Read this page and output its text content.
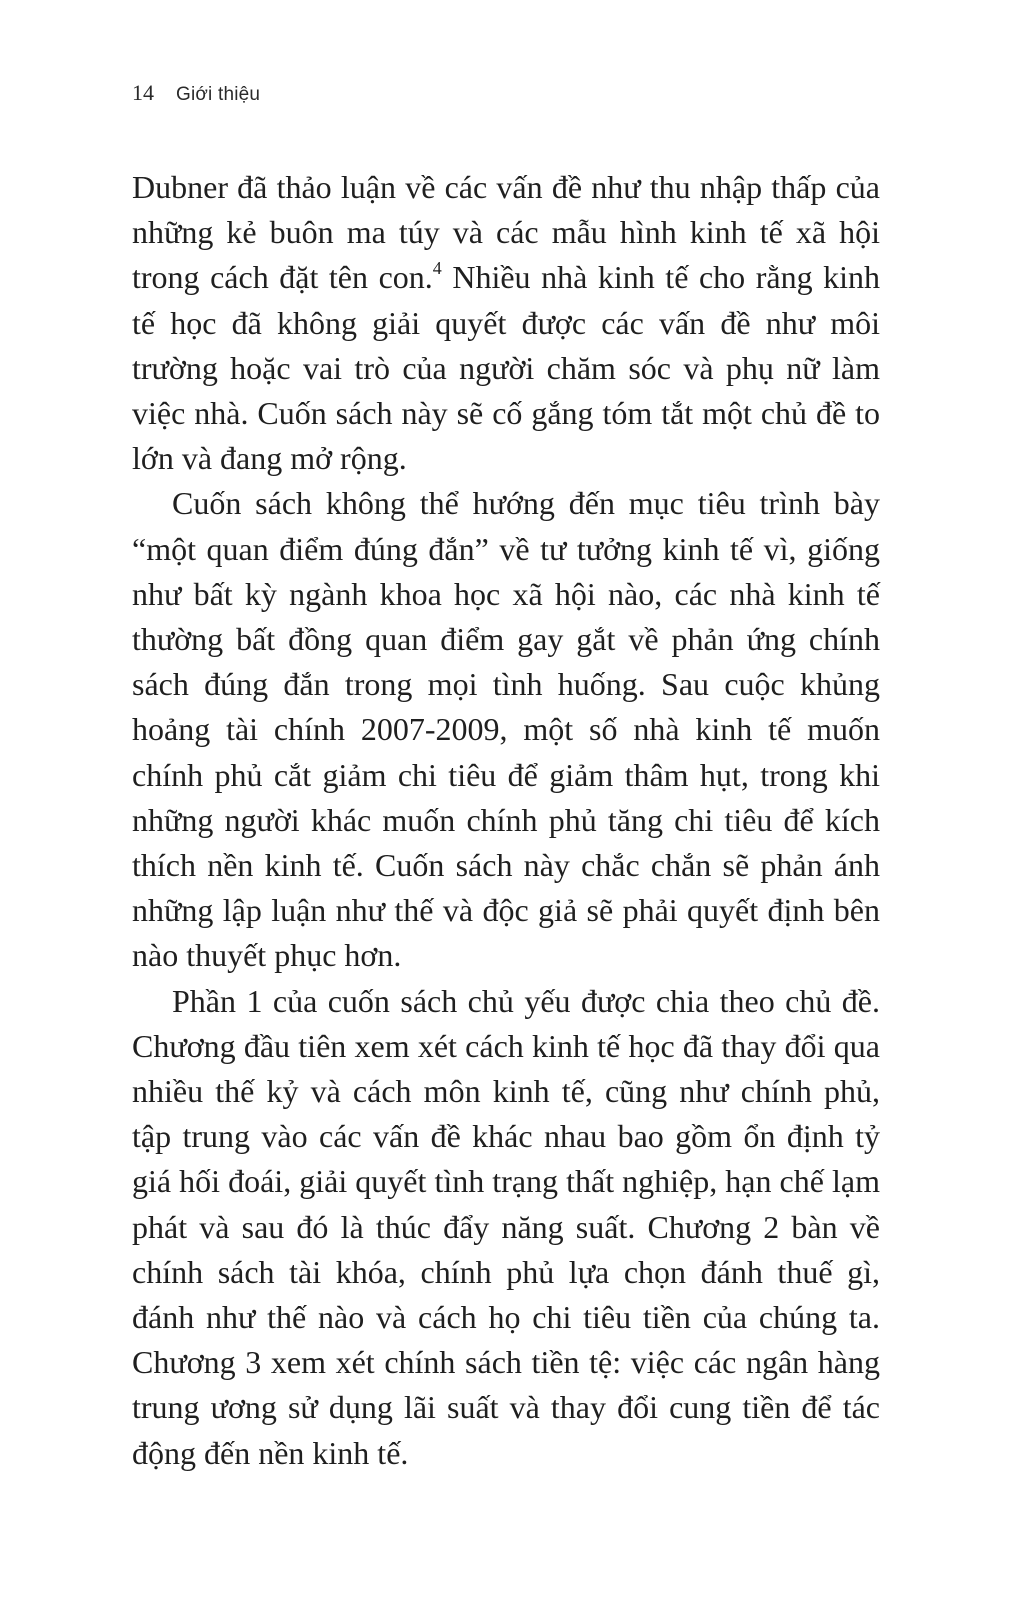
14 Giới thiệu

Dubner đã thảo luận về các vấn đề như thu nhập thấp của những kẻ buôn ma túy và các mẫu hình kinh tế xã hội trong cách đặt tên con.$^4$ Nhiều nhà kinh tế cho rằng kinh tế học đã không giải quyết được các vấn đề như môi trường hoặc vai trò của người chăm sóc và phụ nữ làm việc nhà. Cuốn sách này sẽ cố gắng tóm tắt một chủ đề to lớn và đang mở rộng.

Cuốn sách không thể hướng đến mục tiêu trình bày “một quan điểm đúng đắn” về tư tưởng kinh tế vì, giống như bất kỳ ngành khoa học xã hội nào, các nhà kinh tế thường bất đồng quan điểm gay gắt về phản ứng chính sách đúng đắn trong mọi tình huống. Sau cuộc khủng hoảng tài chính 2007-2009, một số nhà kinh tế muốn chính phủ cắt giảm chi tiêu để giảm thâm hụt, trong khi những người khác muốn chính phủ tăng chi tiêu để kích thích nền kinh tế. Cuốn sách này chắc chắn sẽ phản ánh những lập luận như thế và độc giả sẽ phải quyết định bên nào thuyết phục hơn.

Phần 1 của cuốn sách chủ yếu được chia theo chủ đề. Chương đầu tiên xem xét cách kinh tế học đã thay đổi qua nhiều thế kỷ và cách môn kinh tế, cũng như chính phủ, tập trung vào các vấn đề khác nhau bao gồm ổn định tỷ giá hối đoái, giải quyết tình trạng thất nghiệp, hạn chế lạm phát và sau đó là thúc đẩy năng suất. Chương 2 bàn về chính sách tài khóa, chính phủ lựa chọn đánh thuế gì, đánh như thế nào và cách họ chi tiêu tiền của chúng ta. Chương 3 xem xét chính sách tiền tệ: việc các ngân hàng trung ương sử dụng lãi suất và thay đổi cung tiền để tác động đến nền kinh tế.
